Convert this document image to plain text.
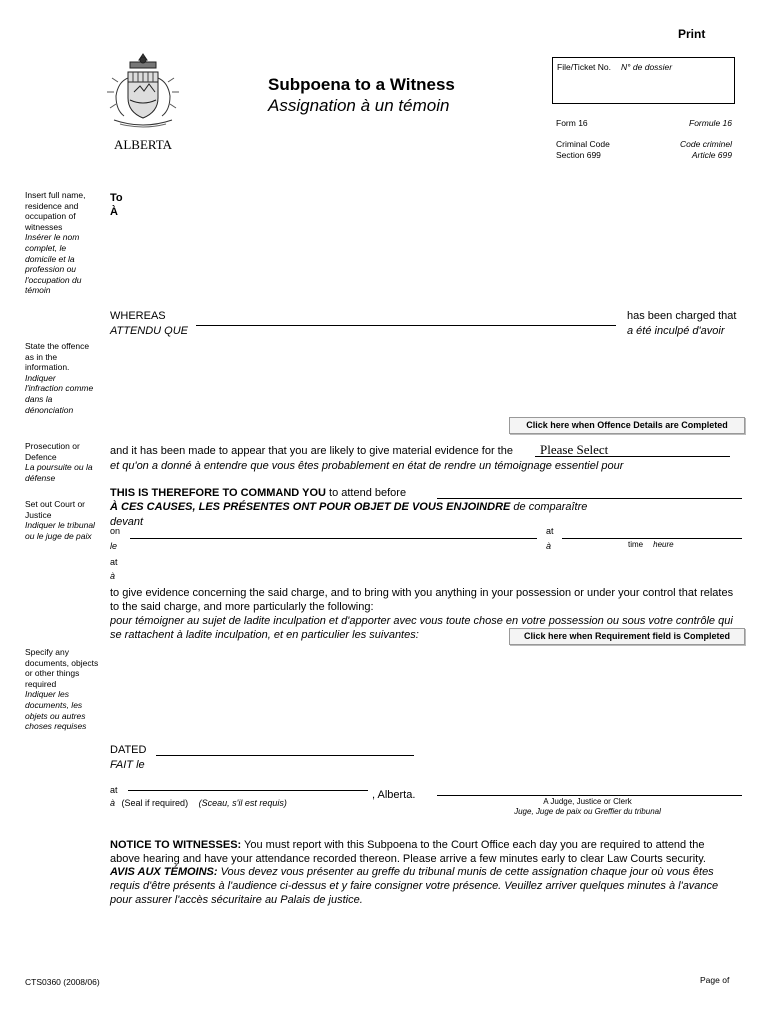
Print
ALBERTA
Subpoena to a Witness
Assignation à un témoin
File/Ticket No. N° de dossier
Form 16	Formule 16
Criminal Code
Section 699
Code criminel
Article 699
Insert full name,
residence and
occupation of
witnesses
Insérer le nom
complet, le
domicile et la
profession ou
l'occupation du
témoin
State the offence
as in the
information.
Indiquer
l'infraction comme
dans la
dénonciation
Prosecution or
Defence
La poursuite ou la
défense
Set out Court or
Justice
Indiquer le tribunal
ou le juge de paix
Specify any
documents, objects
or other things
required
Indiquer les
documents, les
objets ou autres
choses requises
To
À
WHEREAS
ATTENDU QUE
has been charged that
a été inculpé d'avoir
Click here when Offence Details are Completed
and it has been made to appear that you are likely to give material evidence for the
et qu'on a donné à entendre que vous êtes probablement en état de rendre un témoignage essentiel pour
Please Select
THIS IS THEREFORE TO COMMAND YOU to attend before
À CES CAUSES, LES PRÉSENTES ONT POUR OBJET DE VOUS ENJOINDRE de comparaître
devant
on
le
at
à	time heure
at
à
to give evidence concerning the said charge, and to bring with you anything in your possession or under your control that relates
to the said charge, and more particularly the following:
pour témoigner au sujet de ladite inculpation et d'apporter avec vous toute chose en votre possession ou sous votre contrôle qui
se rattachent à ladite inculpation, et en particulier les suivantes:	Click here when Requirement field is Completed
DATED
FAIT le
at
à (Seal if required) (Sceau, s'il est requis)
, Alberta.
A Judge, Justice or Clerk
Juge, Juge de paix ou Greffier du tribunal
NOTICE TO WITNESSES: You must report with this Subpoena to the Court Office each day you are required to attend the
above hearing and have your attendance recorded thereon. Please arrive a few minutes early to clear Law Courts security.
AVIS AUX TÉMOINS: Vous devez vous présenter au greffe du tribunal munis de cette assignation chaque jour où vous êtes
requis d'être présents à l'audience ci-dessus et y faire consigner votre présence. Veuillez arriver quelques minutes à l'avance
pour assurer l'accès sécuritaire au Palais de justice.
CTS0360 (2008/06)	Page of
